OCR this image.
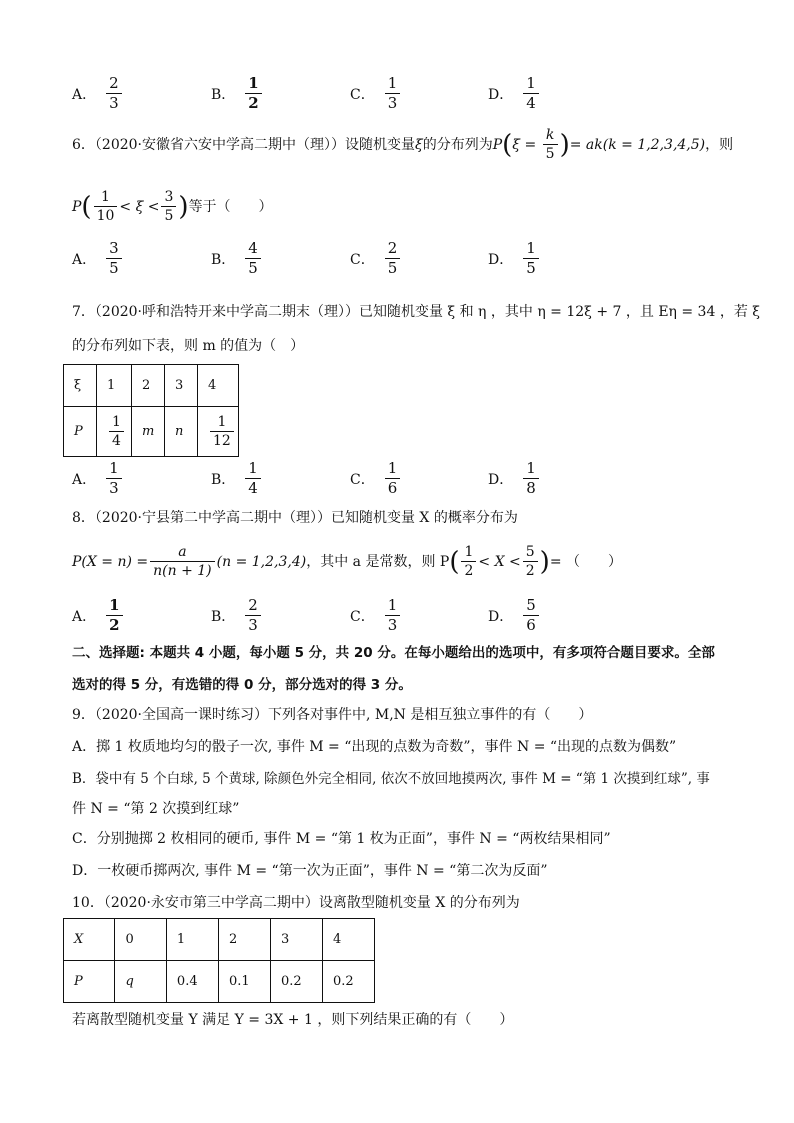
A． $\frac{2}{3}$	B． $\frac{1}{2}$	C． $\frac{1}{3}$	D． $\frac{1}{4}$
6．（2020·安徽省六安中学高二期中（理））设随机变量 ξ 的分布列为 P ( $\xi = \frac{k}{5}$ ) = ak(k = 1,2,3,4,5) ，则
P ( $\frac{1}{10} < \xi < \frac{3}{5}$ ) 等于（　　）
A． $\frac{3}{5}$	B． $\frac{4}{5}$	C． $\frac{2}{5}$	D． $\frac{1}{5}$
7．（2020·呼和浩特开来中学高二期末（理））已知随机变量 ξ 和 η ，其中 η = 12ξ + 7 ，且 Eη = 34 ，若 ξ
的分布列如下表，则 m 的值为（　）
ξ	1	2	3	4
P	$\frac{1}{4}$	m	n	$\frac{1}{12}$
A． $\frac{1}{3}$	B． $\frac{1}{4}$	C． $\frac{1}{6}$	D． $\frac{1}{8}$
8．（2020·宁县第二中学高二期中（理））已知随机变量 X 的概率分布为
$P(X = n) = \frac{a}{n(n + 1)} (n = 1,2,3,4)$ ，其中 a 是常数，则 P ( $\frac{1}{2} < X < \frac{5}{2}$ ) = （　　）
A． $\frac{1}{2}$	B． $\frac{2}{3}$	C． $\frac{1}{3}$	D． $\frac{5}{6}$
二、选择题: 本题共 4 小题，每小题 5 分，共 20 分。在每小题给出的选项中，有多项符合题目要求。全部
选对的得 5 分，有选错的得 0 分，部分选对的得 3 分。
9．（2020·全国高一课时练习）下列各对事件中, M,N 是相互独立事件的有（　　）
A．掷 1 枚质地均匀的骰子一次, 事件 M = “出现的点数为奇数”，事件 N = “出现的点数为偶数”
B．袋中有 5 个白球, 5 个黄球, 除颜色外完全相同, 依次不放回地摸两次, 事件 M = “第 1 次摸到红球”, 事
件 N = “第 2 次摸到红球”
C．分别抛掷 2 枚相同的硬币, 事件 M = “第 1 枚为正面”，事件 N = “两枚结果相同”
D．一枚硬币掷两次, 事件 M = “第一次为正面”，事件 N = “第二次为反面”
10．（2020·永安市第三中学高二期中）设离散型随机变量 X 的分布列为
X	0	1	2	3	4
P	q	0.4	0.1	0.2	0.2
若离散型随机变量 Y 满足 Y = 3X + 1 ，则下列结果正确的有（　　）
